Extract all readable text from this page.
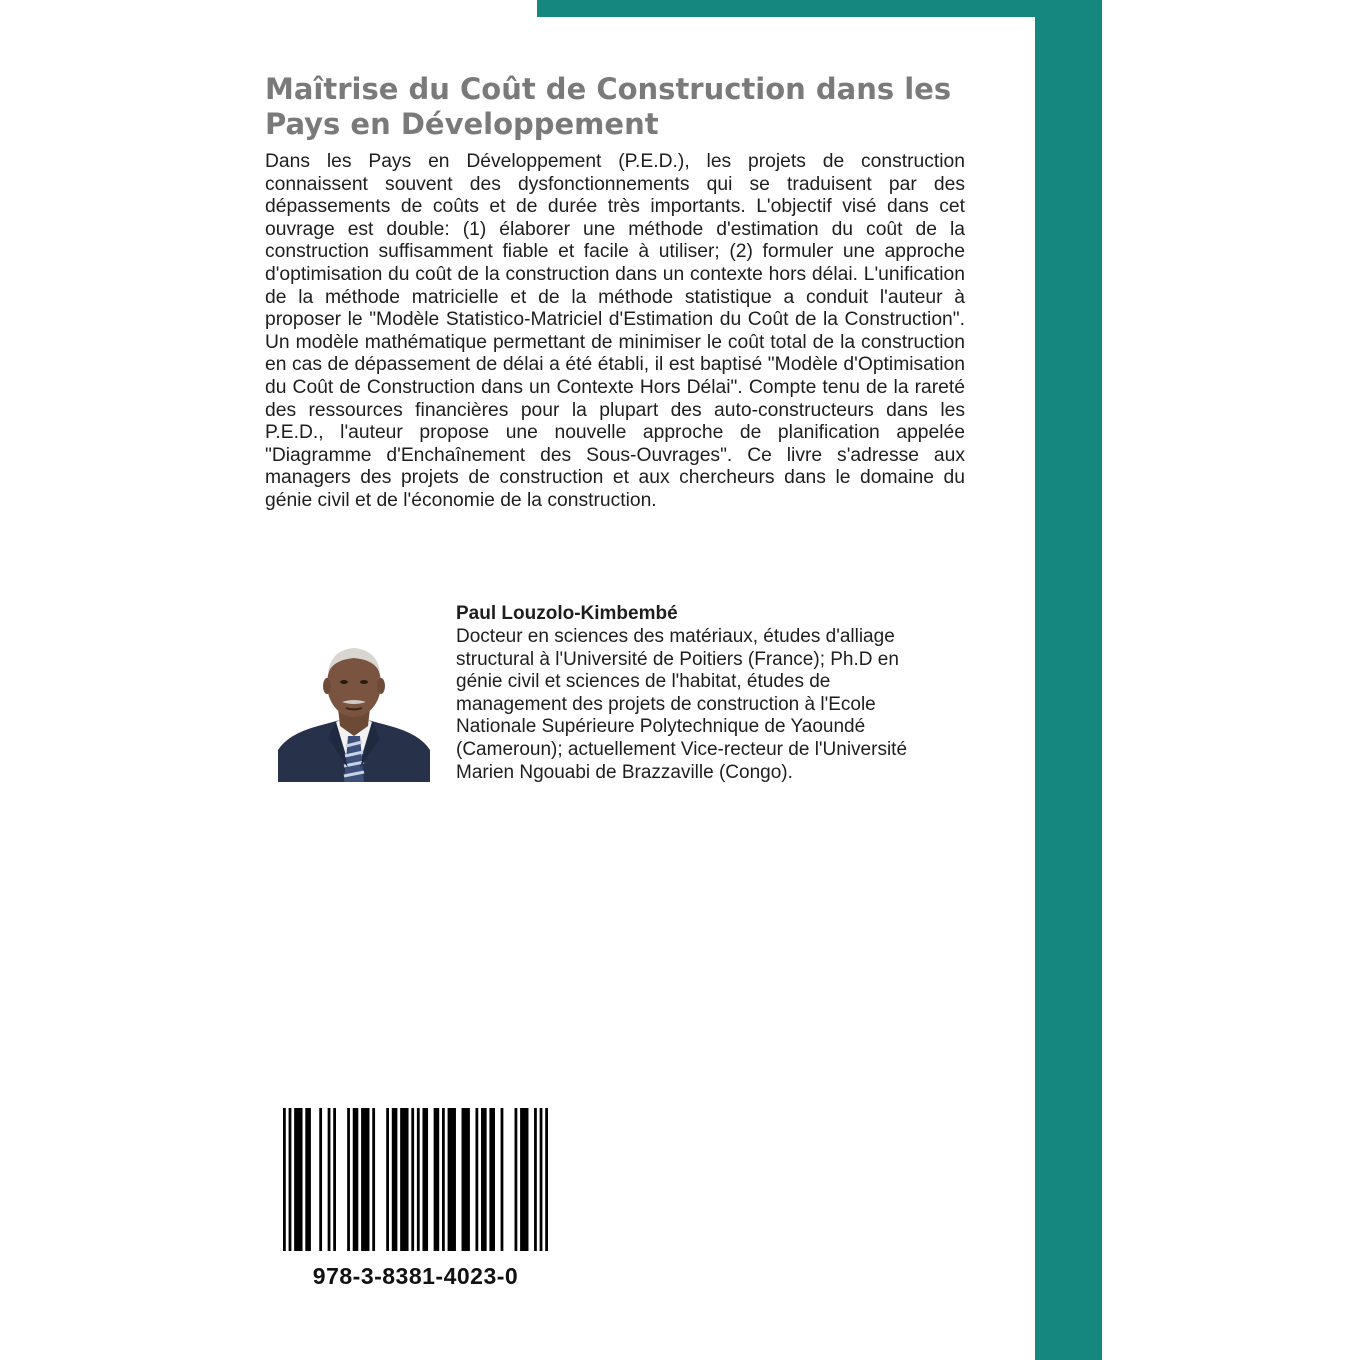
Maîtrise du Coût de Construction dans les
Pays en Développement

Dans les Pays en Développement (P.E.D.), les projets de construction connaissent souvent des dysfonctionnements qui se traduisent par des dépassements de coûts et de durée très importants. L'objectif visé dans cet ouvrage est double: (1) élaborer une méthode d'estimation du coût de la construction suffisamment fiable et facile à utiliser; (2) formuler une approche d'optimisation du coût de la construction dans un contexte hors délai. L'unification de la méthode matricielle et de la méthode statistique a conduit l'auteur à proposer le "Modèle Statistico-Matriciel d'Estimation du Coût de la Construction". Un modèle mathématique permettant de minimiser le coût total de la construction en cas de dépassement de délai a été établi, il est baptisé "Modèle d'Optimisation du Coût de Construction dans un Contexte Hors Délai". Compte tenu de la rareté des ressources financières pour la plupart des auto-constructeurs dans les P.E.D., l'auteur propose une nouvelle approche de planification appelée "Diagramme d'Enchaînement des Sous-Ouvrages". Ce livre s'adresse aux managers des projets de construction et aux chercheurs dans le domaine du génie civil et de l'économie de la construction.

Paul Louzolo-Kimbembé

Docteur en sciences des matériaux, études d'alliage
structural à l'Université de Poitiers (France); Ph.D en
génie civil et sciences de l'habitat, études de
management des projets de construction à l'Ecole
Nationale Supérieure Polytechnique de Yaoundé
(Cameroun); actuellement Vice-recteur de l'Université
Marien Ngouabi de Brazzaville (Congo).

978-3-8381-4023-0
